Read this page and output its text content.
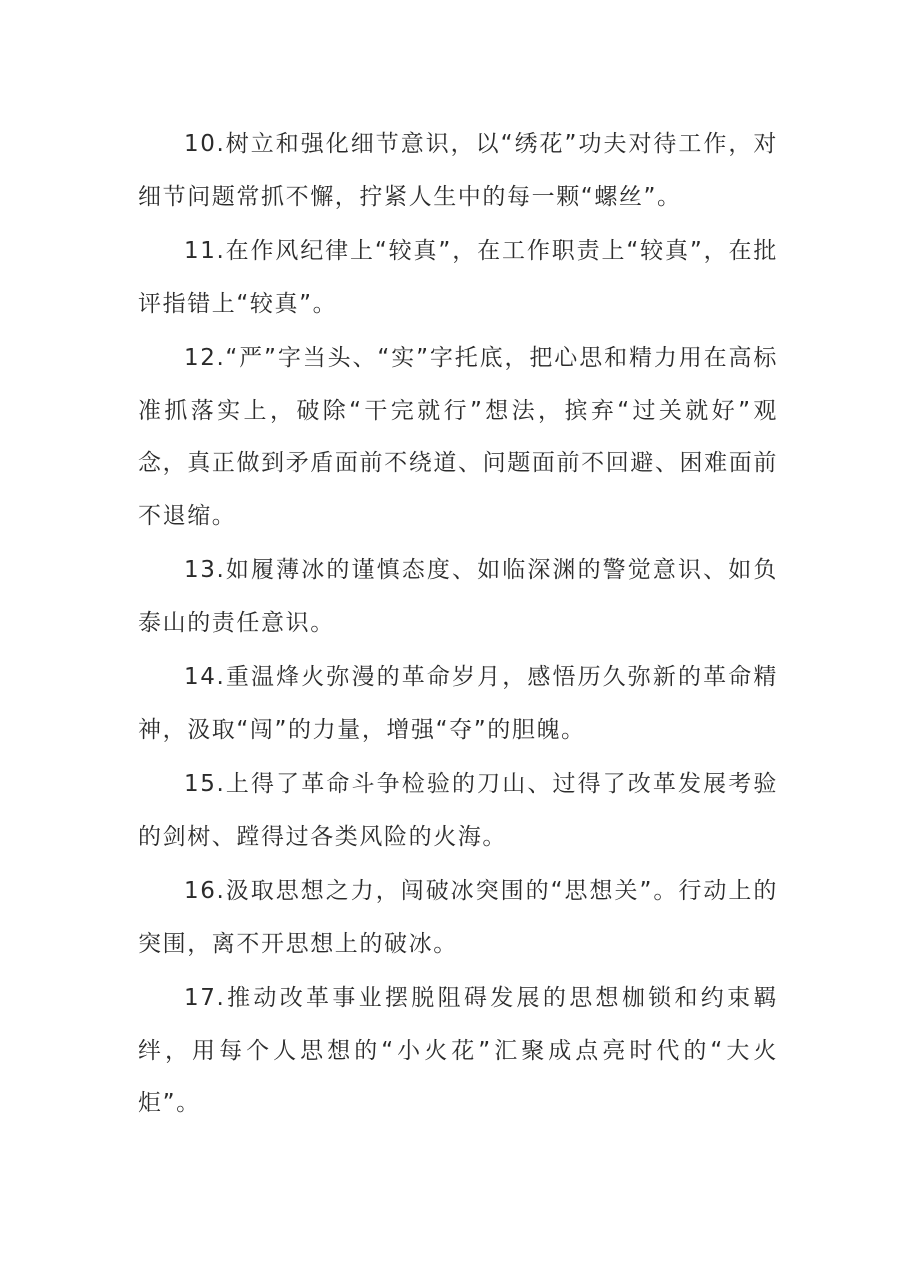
10.树立和强化细节意识，以“绣花”功夫对待工作，对细节问题常抓不懈，拧紧人生中的每一颗“螺丝”。

11.在作风纪律上“较真”，在工作职责上“较真”，在批评指错上“较真”。

12.“严”字当头、“实”字托底，把心思和精力用在高标准抓落实上，破除“干完就行”想法，摈弃“过关就好”观念，真正做到矛盾面前不绕道、问题面前不回避、困难面前不退缩。

13.如履薄冰的谨慎态度、如临深渊的警觉意识、如负泰山的责任意识。

14.重温烽火弥漫的革命岁月，感悟历久弥新的革命精神，汲取“闯”的力量，增强“夺”的胆魄。

15.上得了革命斗争检验的刀山、过得了改革发展考验的剑树、蹚得过各类风险的火海。

16.汲取思想之力，闯破冰突围的“思想关”。行动上的突围，离不开思想上的破冰。

17.推动改革事业摆脱阻碍发展的思想枷锁和约束羁绊，用每个人思想的“小火花”汇聚成点亮时代的“大火炬”。
